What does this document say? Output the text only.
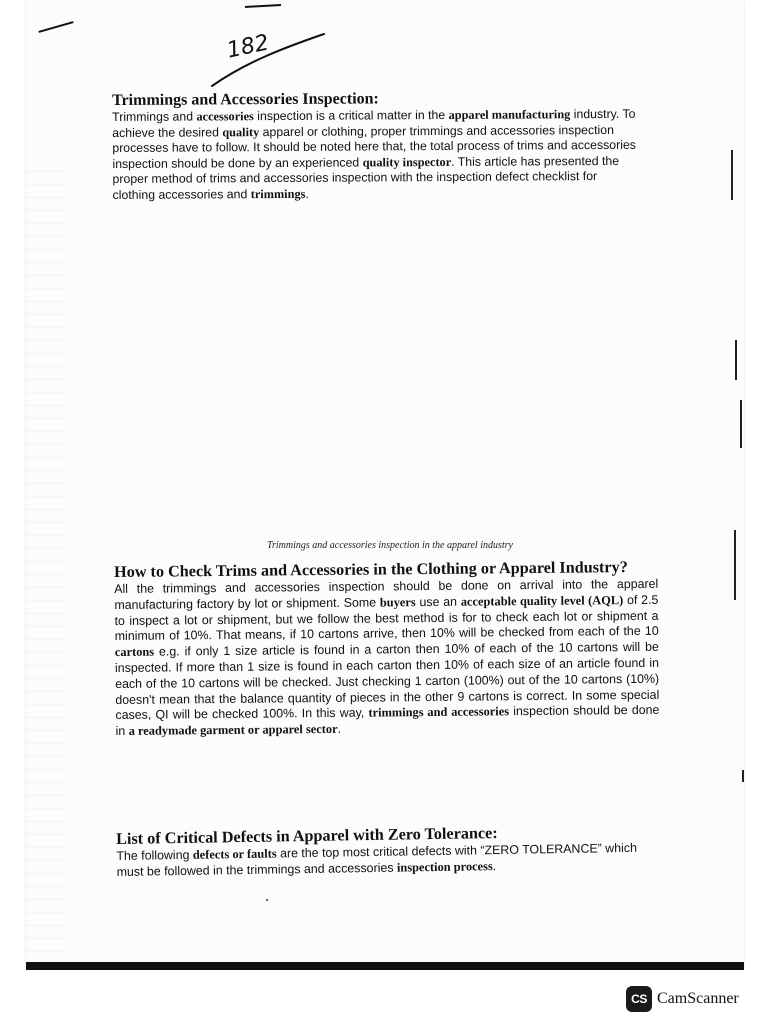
182
Trimmings and Accessories Inspection:

Trimmings and accessories inspection is a critical matter in the apparel manufacturing industry. To achieve the desired quality apparel or clothing, proper trimmings and accessories inspection processes have to follow. It should be noted here that, the total process of trims and accessories inspection should be done by an experienced quality inspector. This article has presented the proper method of trims and accessories inspection with the inspection defect checklist for clothing accessories and trimmings.

Trimmings and accessories inspection in the apparel industry
How to Check Trims and Accessories in the Clothing or Apparel Industry?

All the trimmings and accessories inspection should be done on arrival into the apparel manufacturing factory by lot or shipment. Some buyers use an acceptable quality level (AQL) of 2.5 to inspect a lot or shipment, but we follow the best method is for to check each lot or shipment a minimum of 10%. That means, if 10 cartons arrive, then 10% will be checked from each of the 10 cartons e.g. if only 1 size article is found in a carton then 10% of each of the 10 cartons will be inspected. If more than 1 size is found in each carton then 10% of each size of an article found in each of the 10 cartons will be checked. Just checking 1 carton (100%) out of the 10 cartons (10%) doesn't mean that the balance quantity of pieces in the other 9 cartons is correct. In some special cases, QI will be checked 100%. In this way, trimmings and accessories inspection should be done in a readymade garment or apparel sector.

List of Critical Defects in Apparel with Zero Tolerance:

The following defects or faults are the top most critical defects with “ZERO TOLERANCE” which must be followed in the trimmings and accessories inspection process.

CS CamScanner
